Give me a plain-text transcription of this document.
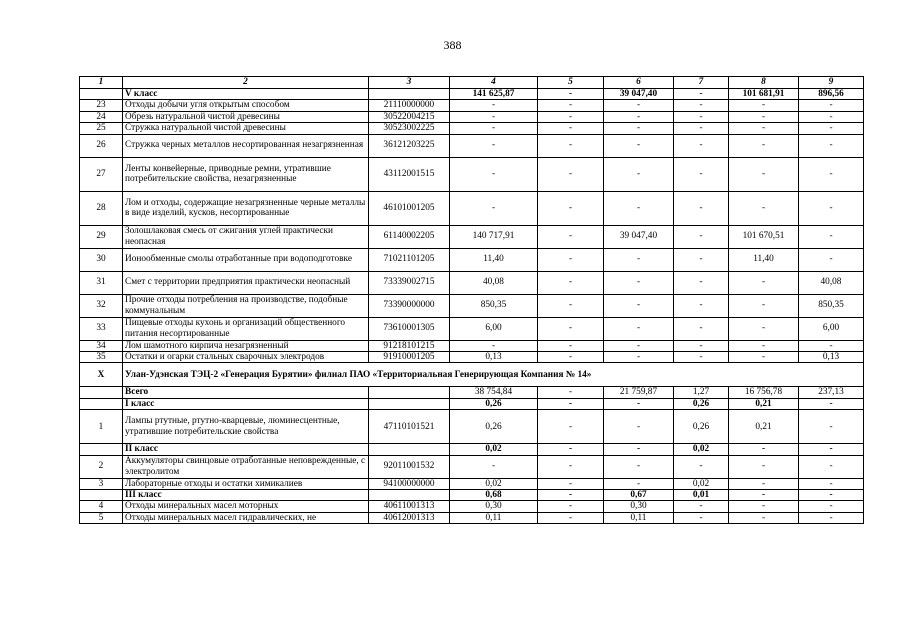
388
1	2	3	4	5	6	7	8	9
	V класс		141 625,87	-	39 047,40	-	101 681,91	896,56
23	Отходы добычи угля открытым способом	21110000000	-	-	-	-	-	-
24	Обрезь натуральной чистой древесины	30522004215	-	-	-	-	-	-
25	Стружка натуральной чистой древесины	30523002225	-	-	-	-	-	-
26	Стружка черных металлов несортированная незагрязненная	36121203225	-	-	-	-	-	-
27	Ленты конвейерные, приводные ремни, утратившие потребительские свойства, незагрязненные	43112001515	-	-	-	-	-	-
28	Лом и отходы, содержащие незагрязненные черные металлы в виде изделий, кусков, несортированные	46101001205	-	-	-	-	-	-
29	Золошлаковая смесь от сжигания углей практически неопасная	61140002205	140 717,91	-	39 047,40	-	101 670,51	-
30	Ионообменные смолы отработанные при водоподготовке	71021101205	11,40	-	-	-	11,40	-
31	Смет с территории предприятия практически неопасный	73339002715	40,08	-	-	-	-	40,08
32	Прочие отходы потребления на производстве, подобные коммунальным	73390000000	850,35	-	-	-	-	850,35
33	Пищевые отходы кухонь и организаций общественного питания несортированные	73610001305	6,00	-	-	-	-	6,00
34	Лом шамотного кирпича незагрязненный	91218101215	-	-	-	-	-	-
35	Остатки и огарки стальных сварочных электродов	91910001205	0,13	-	-	-	-	0,13
X	Улан-Удэнская ТЭЦ-2 «Генерация Бурятии» филиал ПАО «Территориальная Генерирующая Компания № 14»							
	Всего		38 754,84	-	21 759,87	1,27	16 756,78	237,13
	I класс		0,26	-	-	0,26	0,21	-
1	Лампы ртутные, ртутно-кварцевые, люминесцентные, утратившие потребительские свойства	47110101521	0,26	-	-	0,26	0,21	-
	II класс		0,02	-	-	0,02	-	-
2	Аккумуляторы свинцовые отработанные неповрежденные, с электролитом	92011001532	-	-	-	-	-	-
3	Лабораторные отходы и остатки химикалиев	94100000000	0,02	-	-	0,02	-	-
	III класс		0,68	-	0,67	0,01	-	-
4	Отходы минеральных масел моторных	40611001313	0,30	-	0,30	-	-	-
5	Отходы минеральных масел гидравлических, не	40612001313	0,11	-	0,11	-	-	-
